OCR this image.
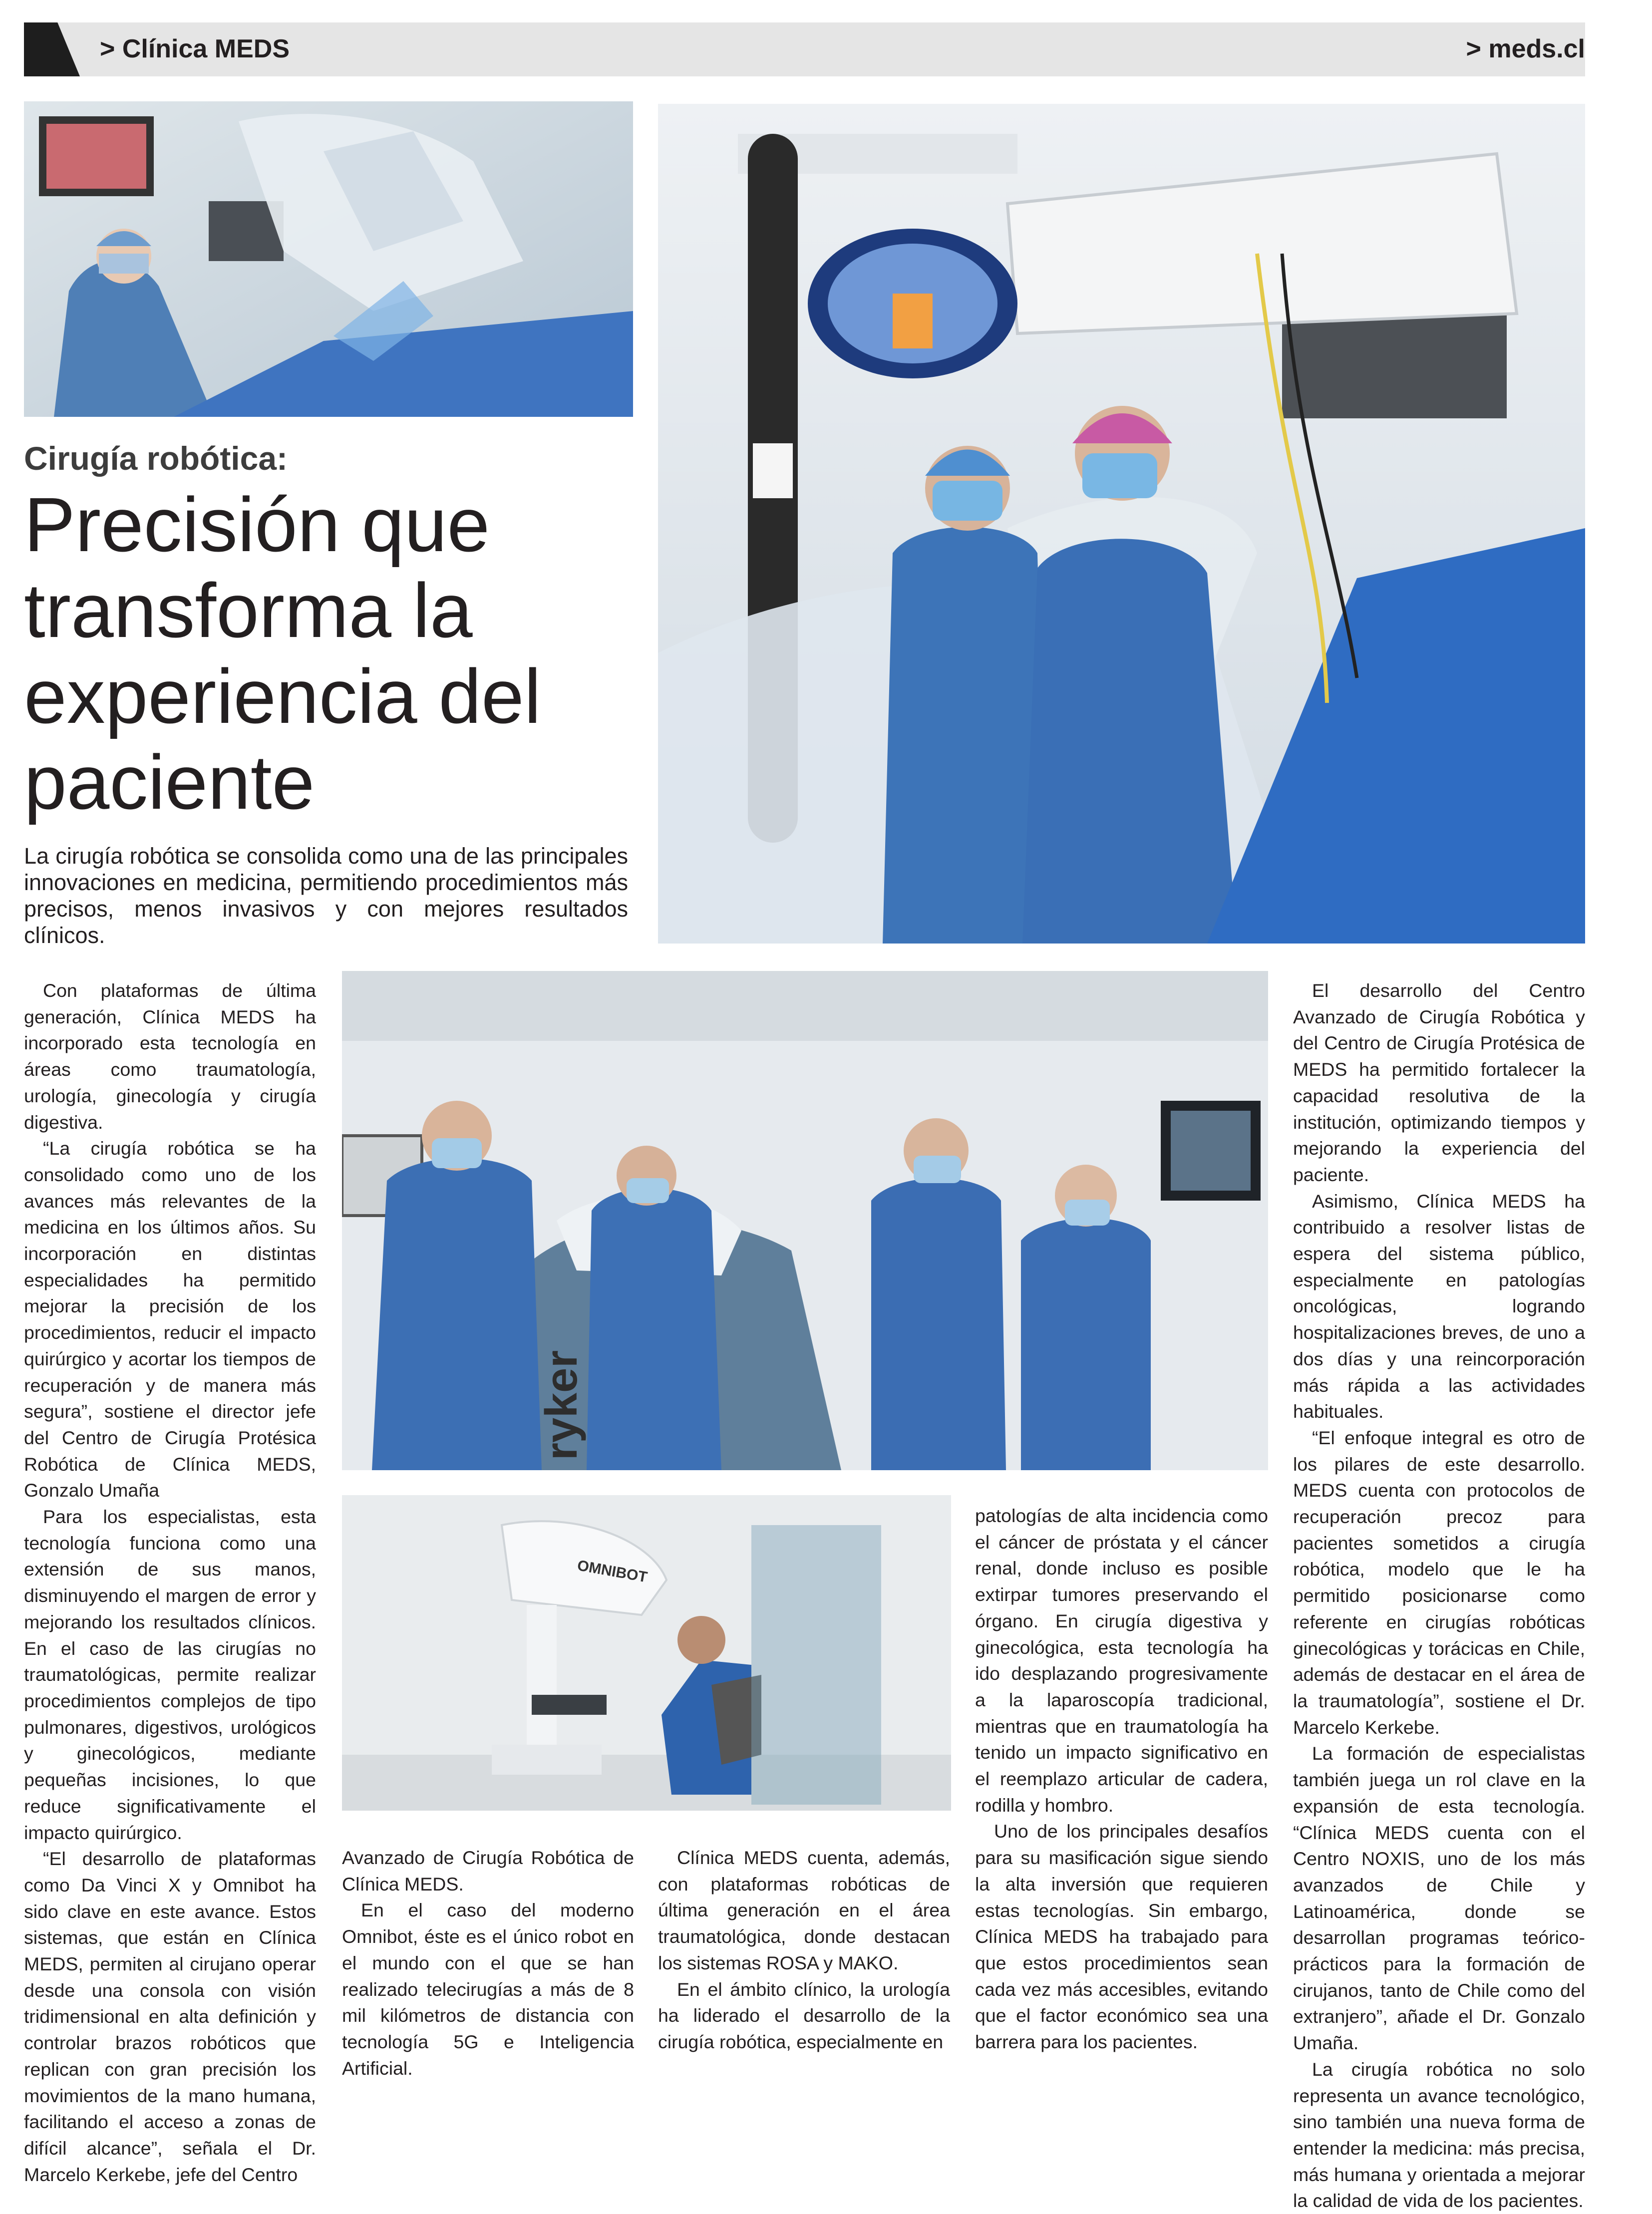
> Clínica MEDS	> meds.cl
Cirugía robótica:
Precisión que transforma la experiencia del paciente

La cirugía robótica se consolida como una de las principales innovaciones en medicina, permitiendo procedimientos más precisos, menos invasivos y con mejores resultados clínicos.

ryker
OMNIBOT

Con plataformas de última generación, Clínica MEDS ha incorporado esta tecnología en áreas como traumatología, urología, ginecología y cirugía digestiva.

“La cirugía robótica se ha consolidado como uno de los avances más relevantes de la medicina en los últimos años. Su incorporación en distintas especialidades ha permitido mejorar la precisión de los procedimientos, reducir el impacto quirúrgico y acortar los tiempos de recuperación y de manera más segura”, sostiene el director jefe del Centro de Cirugía Protésica Robótica de Clínica MEDS, Gonzalo Umaña

Para los especialistas, esta tecnología funciona como una extensión de sus manos, disminuyendo el margen de error y mejorando los resultados clínicos. En el caso de las cirugías no traumatológicas, permite realizar procedimientos complejos de tipo pulmonares, digestivos, urológicos y ginecológicos, mediante pequeñas incisiones, lo que reduce significativamente el impacto quirúrgico.

“El desarrollo de plataformas como Da Vinci X y Omnibot ha sido clave en este avance. Estos sistemas, que están en Clínica MEDS, permiten al cirujano operar desde una consola con visión tridimensional en alta definición y controlar brazos robóticos que replican con gran precisión los movimientos de la mano humana, facilitando el acceso a zonas de difícil alcance”, señala el Dr. Marcelo Kerkebe, jefe del Centro

Avanzado de Cirugía Robótica de Clínica MEDS.

En el caso del moderno Omnibot, éste es el único robot en el mundo con el que se han realizado telecirugías a más de 8 mil kilómetros de distancia con tecnología 5G e Inteligencia Artificial.

Clínica MEDS cuenta, además, con plataformas robóticas de última generación en el área traumatológica, donde destacan los sistemas ROSA y MAKO.

En el ámbito clínico, la urología ha liderado el desarrollo de la cirugía robótica, especialmente en

patologías de alta incidencia como el cáncer de próstata y el cáncer renal, donde incluso es posible extirpar tumores preservando el órgano. En cirugía digestiva y ginecológica, esta tecnología ha ido desplazando progresivamente a la laparoscopía tradicional, mientras que en traumatología ha tenido un impacto significativo en el reemplazo articular de cadera, rodilla y hombro.

Uno de los principales desafíos para su masificación sigue siendo la alta inversión que requieren estas tecnologías. Sin embargo, Clínica MEDS ha trabajado para que estos procedimientos sean cada vez más accesibles, evitando que el factor económico sea una barrera para los pacientes.

El desarrollo del Centro Avanzado de Cirugía Robótica y del Centro de Cirugía Protésica de MEDS ha permitido fortalecer la capacidad resolutiva de la institución, optimizando tiempos y mejorando la experiencia del paciente.

Asimismo, Clínica MEDS ha contribuido a resolver listas de espera del sistema público, especialmente en patologías oncológicas, logrando hospitalizaciones breves, de uno a dos días y una reincorporación más rápida a las actividades habituales.

“El enfoque integral es otro de los pilares de este desarrollo. MEDS cuenta con protocolos de recuperación precoz para pacientes sometidos a cirugía robótica, modelo que le ha permitido posicionarse como referente en cirugías robóticas ginecológicas y torácicas en Chile, además de destacar en el área de la traumatología”, sostiene el Dr. Marcelo Kerkebe.

La formación de especialistas también juega un rol clave en la expansión de esta tecnología. “Clínica MEDS cuenta con el Centro NOXIS, uno de los más avanzados de Chile y Latinoamérica, donde se desarrollan programas teórico-prácticos para la formación de cirujanos, tanto de Chile como del extranjero”, añade el Dr. Gonzalo Umaña.

La cirugía robótica no solo representa un avance tecnológico, sino también una nueva forma de entender la medicina: más precisa, más humana y orientada a mejorar la calidad de vida de los pacientes.
